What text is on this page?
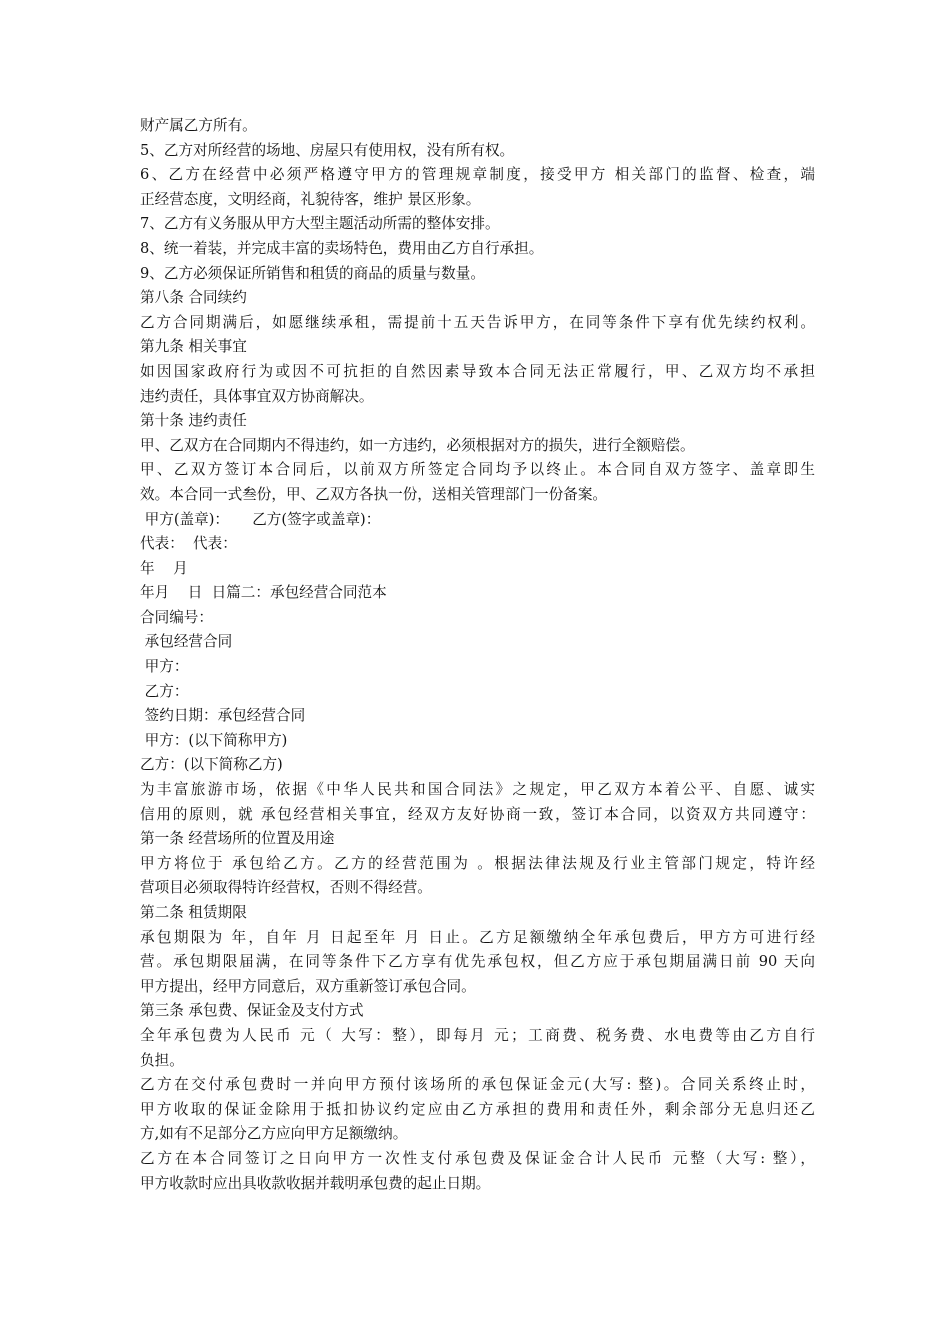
财产属乙方所有。
5、乙方对所经营的场地、房屋只有使用权，没有所有权。
6、乙方在经营中必须严格遵守甲方的管理规章制度，接受甲方 相关部门的监督、检查，端
正经营态度，文明经商，礼貌待客，维护 景区形象。
7、乙方有义务服从甲方大型主题活动所需的整体安排。
8、统一着装，并完成丰富的卖场特色，费用由乙方自行承担。
9、乙方必须保证所销售和租赁的商品的质量与数量。
第八条 合同续约
乙方合同期满后，如愿继续承租，需提前十五天告诉甲方，在同等条件下享有优先续约权利。
第九条 相关事宜
如因国家政府行为或因不可抗拒的自然因素导致本合同无法正常履行，甲、乙双方均不承担
违约责任，具体事宜双方协商解决。
第十条 违约责任
甲、乙双方在合同期内不得违约，如一方违约，必须根据对方的损失，进行全额赔偿。
甲、乙双方签订本合同后，以前双方所签定合同均予以终止。本合同自双方签字、盖章即生
效。本合同一式叁份，甲、乙双方各执一份，送相关管理部门一份备案。
甲方(盖章)：     乙方(签字或盖章)：
代表：  代表：
年    月
年月    日  日篇二：承包经营合同范本
合同编号：
承包经营合同
甲方：
乙方：
签约日期：承包经营合同
甲方：(以下简称甲方)
乙方：(以下简称乙方)
为丰富旅游市场，依据《中华人民共和国合同法》之规定，甲乙双方本着公平、自愿、诚实
信用的原则，就 承包经营相关事宜，经双方友好协商一致，签订本合同，以资双方共同遵守：
第一条 经营场所的位置及用途
甲方将位于 承包给乙方。乙方的经营范围为 。根据法律法规及行业主管部门规定，特许经
营项目必须取得特许经营权，否则不得经营。
第二条 租赁期限
承包期限为 年，自年 月 日起至年 月 日止。乙方足额缴纳全年承包费后，甲方方可进行经
营。承包期限届满，在同等条件下乙方享有优先承包权，但乙方应于承包期届满日前 90 天向
甲方提出，经甲方同意后，双方重新签订承包合同。
第三条 承包费、保证金及支付方式
全年承包费为人民币 元（ 大写：整），即每月 元；工商费、税务费、水电费等由乙方自行
负担。
乙方在交付承包费时一并向甲方预付该场所的承包保证金元(大写: 整)。合同关系终止时，
甲方收取的保证金除用于抵扣协议约定应由乙方承担的费用和责任外，剩余部分无息归还乙
方,如有不足部分乙方应向甲方足额缴纳。
乙方在本合同签订之日向甲方一次性支付承包费及保证金合计人民币 元整（大写: 整），
甲方收款时应出具收款收据并载明承包费的起止日期。
